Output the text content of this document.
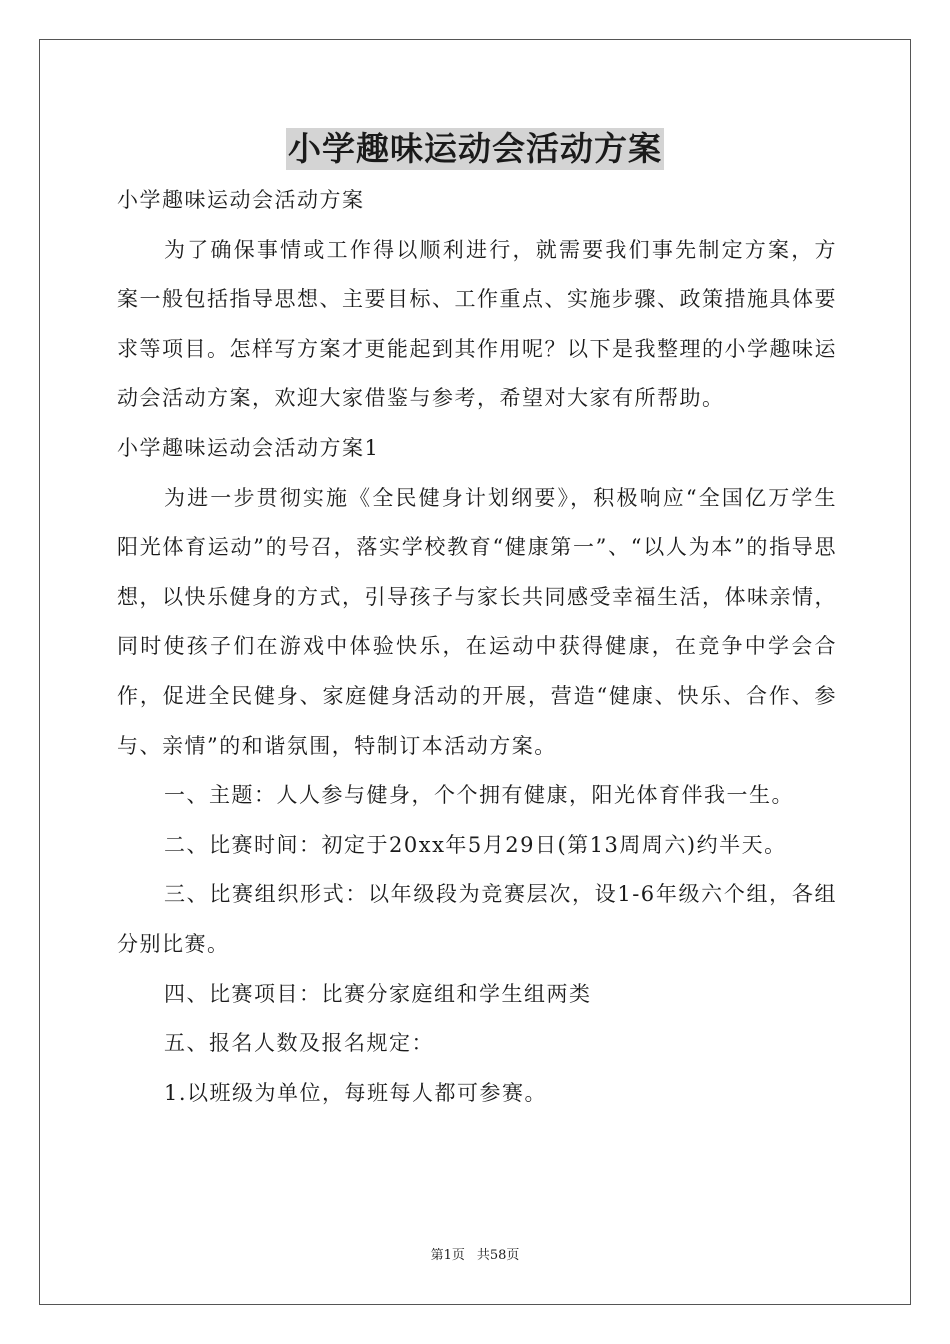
小学趣味运动会活动方案

小学趣味运动会活动方案

为了确保事情或工作得以顺利进行，就需要我们事先制定方案，方案一般包括指导思想、主要目标、工作重点、实施步骤、政策措施具体要求等项目。怎样写方案才更能起到其作用呢？以下是我整理的小学趣味运动会活动方案，欢迎大家借鉴与参考，希望对大家有所帮助。

小学趣味运动会活动方案1

为进一步贯彻实施《全民健身计划纲要》，积极响应“全国亿万学生阳光体育运动”的号召，落实学校教育“健康第一”、“以人为本”的指导思想，以快乐健身的方式，引导孩子与家长共同感受幸福生活，体味亲情，同时使孩子们在游戏中体验快乐，在运动中获得健康，在竞争中学会合作，促进全民健身、家庭健身活动的开展，营造“健康、快乐、合作、参与、亲情”的和谐氛围，特制订本活动方案。

一、主题：人人参与健身，个个拥有健康，阳光体育伴我一生。

二、比赛时间：初定于20xx年5月29日(第13周周六)约半天。

三、比赛组织形式：以年级段为竞赛层次，设1-6年级六个组，各组分别比赛。

四、比赛项目：比赛分家庭组和学生组两类

五、报名人数及报名规定：

1.以班级为单位，每班每人都可参赛。

第1页 共58页
